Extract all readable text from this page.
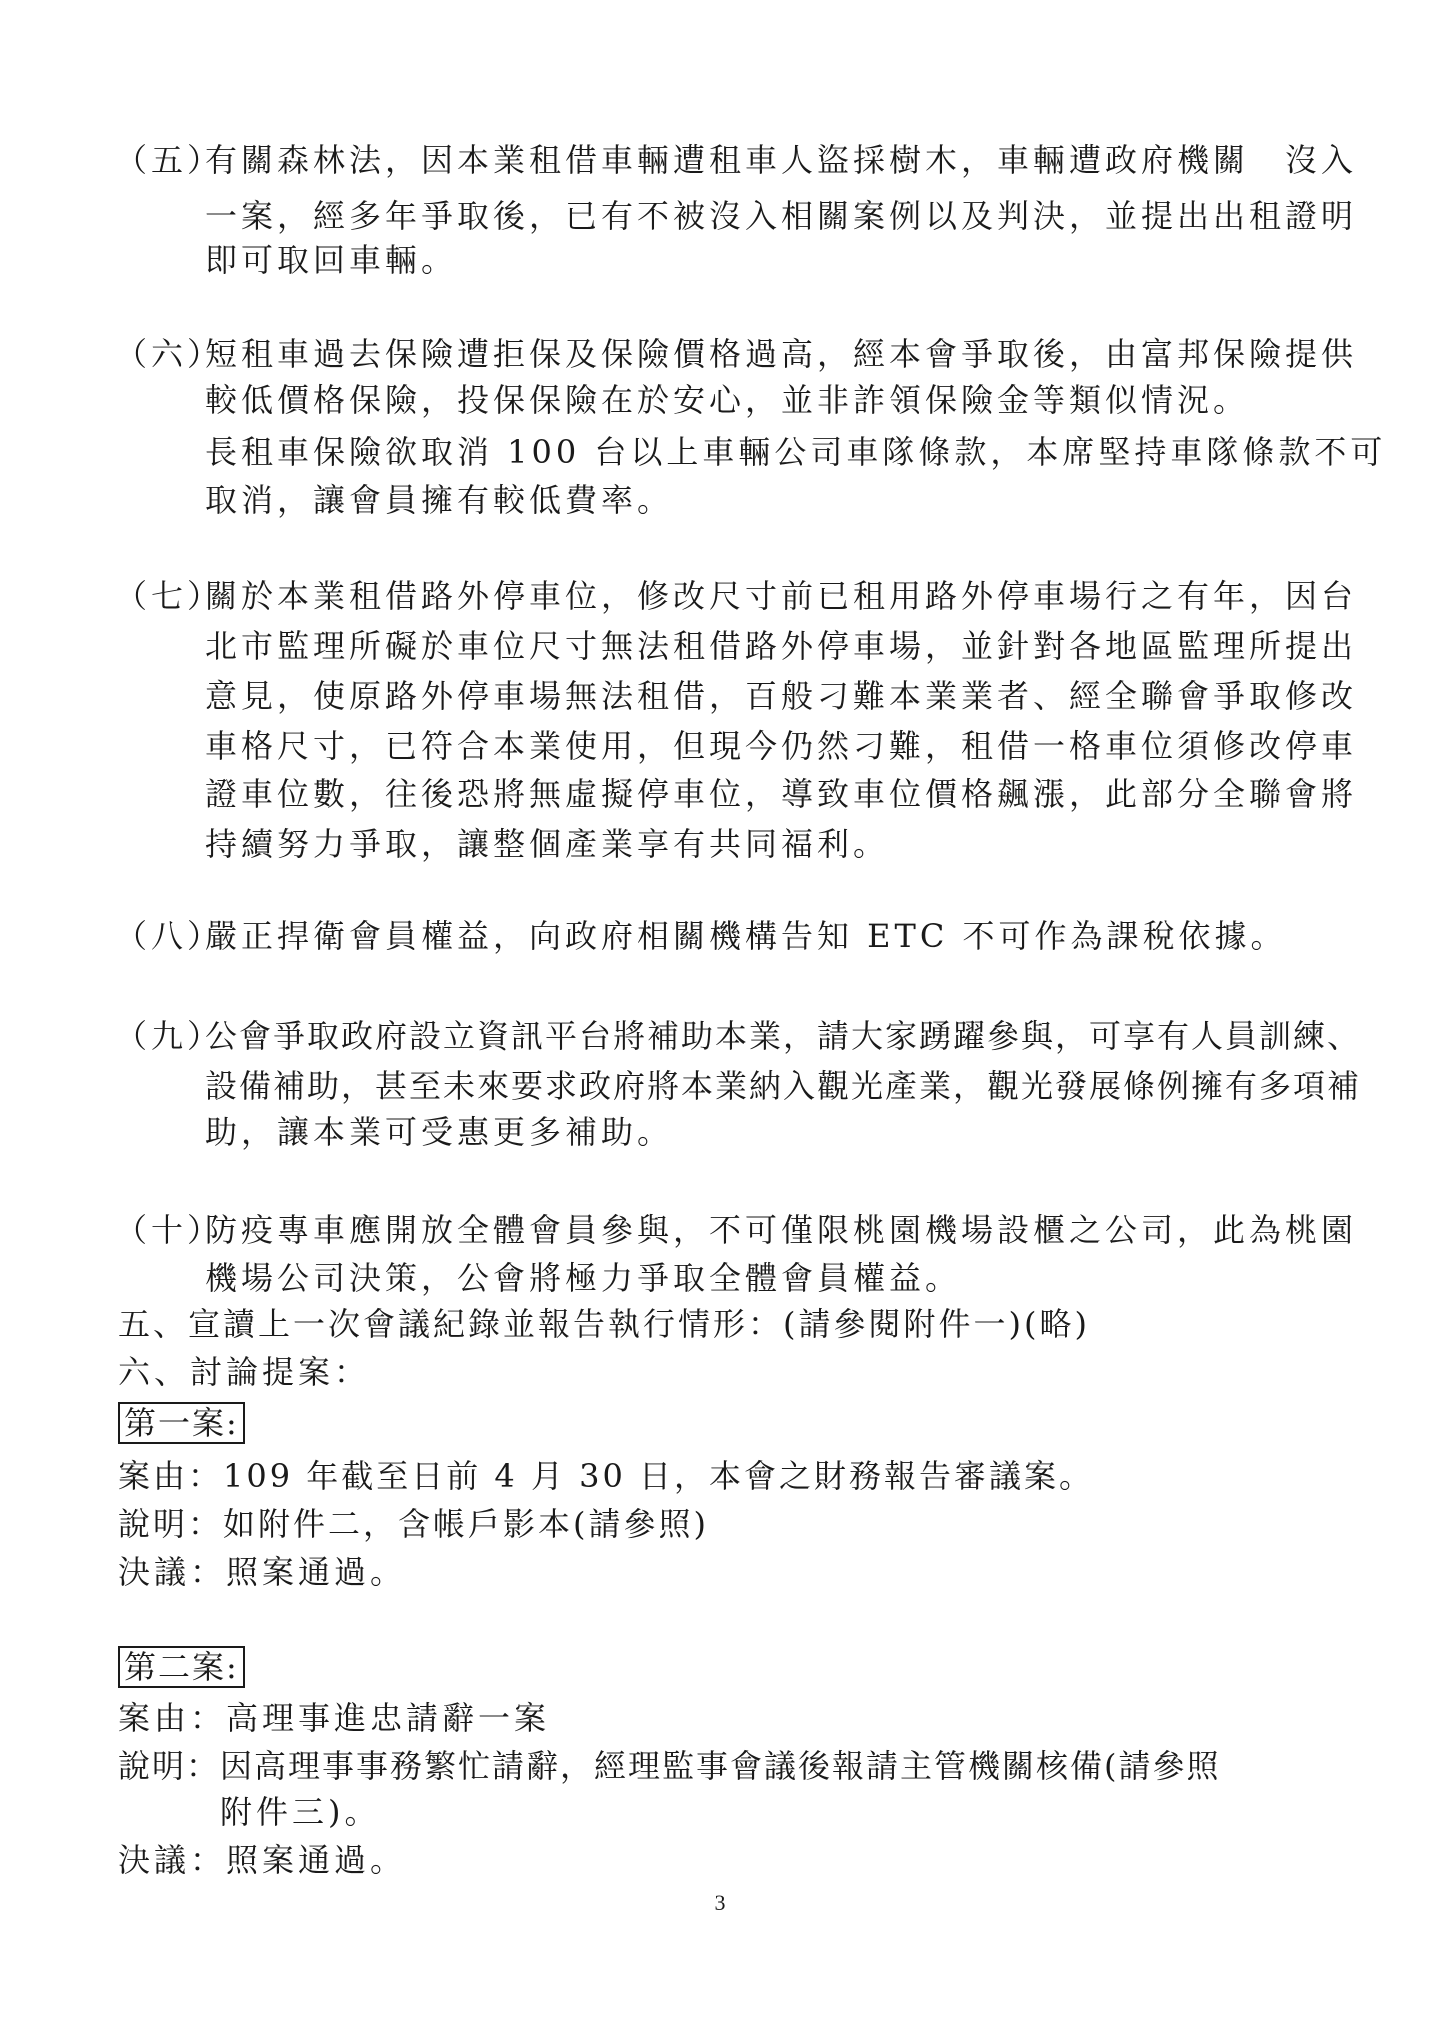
（五）
有關森林法，因本業租借車輛遭租車人盜採樹木，車輛遭政府機關　沒入
一案，經多年爭取後，已有不被沒入相關案例以及判決，並提出出租證明
即可取回車輛。
（六）
短租車過去保險遭拒保及保險價格過高，經本會爭取後，由富邦保險提供
較低價格保險，投保保險在於安心，並非詐領保險金等類似情況。
長租車保險欲取消 100 台以上車輛公司車隊條款，本席堅持車隊條款不可
取消，讓會員擁有較低費率。
（七）
關於本業租借路外停車位，修改尺寸前已租用路外停車場行之有年，因台
北市監理所礙於車位尺寸無法租借路外停車場，並針對各地區監理所提出
意見，使原路外停車場無法租借，百般刁難本業業者、經全聯會爭取修改
車格尺寸，已符合本業使用，但現今仍然刁難，租借一格車位須修改停車
證車位數，往後恐將無虛擬停車位，導致車位價格飆漲，此部分全聯會將
持續努力爭取，讓整個產業享有共同福利。
（八）
嚴正捍衛會員權益，向政府相關機構告知 ETC 不可作為課稅依據。
（九）
公會爭取政府設立資訊平台將補助本業，請大家踴躍參與，可享有人員訓練、
設備補助，甚至未來要求政府將本業納入觀光產業，觀光發展條例擁有多項補
助，讓本業可受惠更多補助。
（十）
防疫專車應開放全體會員參與，不可僅限桃園機場設櫃之公司，此為桃園
機場公司決策，公會將極力爭取全體會員權益。
五、宣讀上一次會議紀錄並報告執行情形：(請參閱附件一)(略)
六、討論提案：
第一案:
案由：109 年截至日前 4 月 30 日，本會之財務報告審議案。
說明：如附件二，含帳戶影本(請參照)
決議：照案通過。
第二案:
案由：高理事進忠請辭一案
說明：因高理事事務繁忙請辭，經理監事會議後報請主管機關核備(請參照
附件三)。
決議：照案通過。
3
